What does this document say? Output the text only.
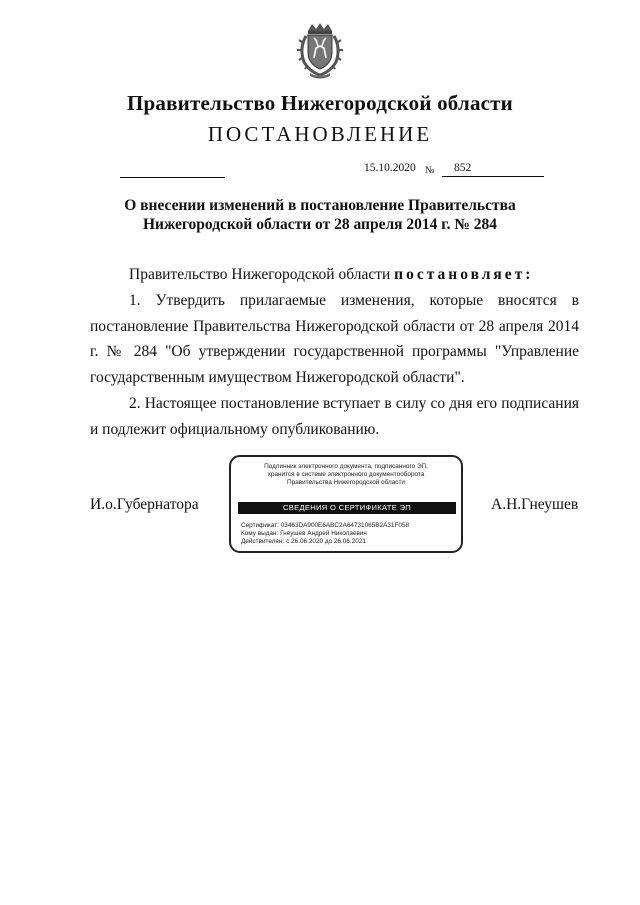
Правительство Нижегородской области
ПОСТАНОВЛЕНИЕ
15.10.2020 №	852
О внесении изменений в постановление Правительства
Нижегородской области от 28 апреля 2014 г. № 284

Правительство Нижегородской области постановляет:

1. Утвердить прилагаемые изменения, которые вносятся в постановление Правительства Нижегородской области от 28 апреля 2014 г. № 284 "Об утверждении государственной программы "Управление государственным имуществом Нижегородской области".

2. Настоящее постановление вступает в силу со дня его подписания и подлежит официальному опубликованию.

И.о.Губернатора	А.Н.Гнеушев
Подлинник электронного документа, подписанного ЭП,
хранится в системе электронного документооборота
Правительства Нижегородской области
СВЕДЕНИЯ О СЕРТИФИКАТЕ ЭП
Сертификат: 03463DA900E6ABC2A64731065B2A31F058
Кому выдан: Гнеушев Андрей Николаевич
Действителен: с 26.06.2020 до 26.06.2021
